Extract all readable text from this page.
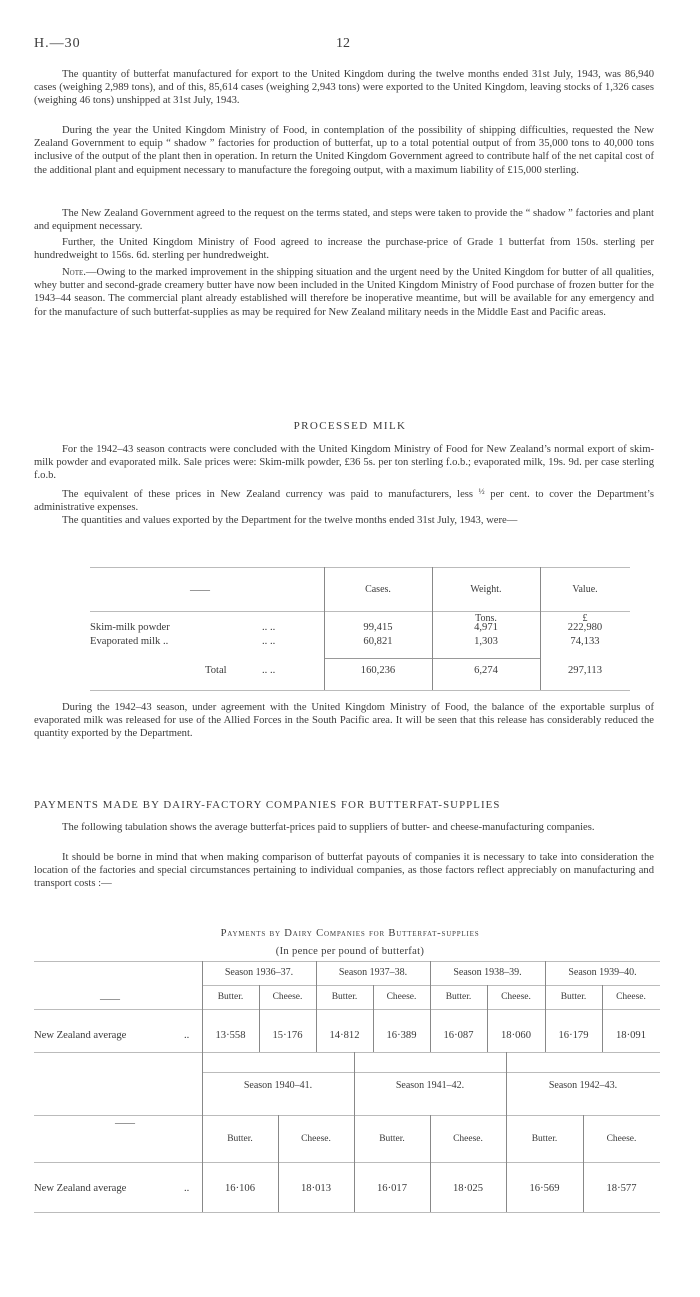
H.—30	12

The quantity of butterfat manufactured for export to the United Kingdom during the twelve months ended 31st July, 1943, was 86,940 cases (weighing 2,989 tons), and of this, 85,614 cases (weighing 2,943 tons) were exported to the United Kingdom, leaving stocks of 1,326 cases (weighing 46 tons) unshipped at 31st July, 1943.

During the year the United Kingdom Ministry of Food, in contemplation of the possibility of shipping difficulties, requested the New Zealand Government to equip “ shadow ” factories for production of butterfat, up to a total potential output of from 35,000 tons to 40,000 tons inclusive of the output of the plant then in operation. In return the United Kingdom Government agreed to contribute half of the net capital cost of the additional plant and equipment necessary to manufacture the foregoing output, with a maximum liability of £15,000 sterling.

The New Zealand Government agreed to the request on the terms stated, and steps were taken to provide the “ shadow ” factories and plant and equipment necessary.

Further, the United Kingdom Ministry of Food agreed to increase the purchase-price of Grade 1 butterfat from 150s. sterling per hundredweight to 156s. 6d. sterling per hundredweight.

Note.—Owing to the marked improvement in the shipping situation and the urgent need by the United Kingdom for butter of all qualities, whey butter and second-grade creamery butter have now been included in the United Kingdom Ministry of Food purchase of frozen butter for the 1943–44 season. The commercial plant already established will therefore be inoperative meantime, but will be available for any emergency and for the manufacture of such butterfat-supplies as may be required for New Zealand military needs in the Middle East and Pacific areas.

PROCESSED MILK

For the 1942–43 season contracts were concluded with the United Kingdom Ministry of Food for New Zealand’s normal export of skim-milk powder and evaporated milk. Sale prices were: Skim-milk powder, £36 5s. per ton sterling f.o.b.; evaporated milk, 19s. 9d. per case sterling f.o.b.

The equivalent of these prices in New Zealand currency was paid to manufacturers, less $^{\frac{1}{2}}$ per cent. to cover the Department’s administrative expenses.

The quantities and values exported by the Department for the twelve months ended 31st July, 1943, were—

——	Cases.	Weight.	Value.
Tons.	£
Skim-milk powder	.. ..	99,415	4,971	222,980
Evaporated milk ..	.. ..	60,821	1,303	74,133
Total	.. ..	160,236	6,274	297,113

During the 1942–43 season, under agreement with the United Kingdom Ministry of Food, the balance of the exportable surplus of evaporated milk was released for use of the Allied Forces in the South Pacific area. It will be seen that this release has considerably reduced the quantity exported by the Department.

PAYMENTS MADE BY DAIRY-FACTORY COMPANIES FOR BUTTERFAT-SUPPLIES

The following tabulation shows the average butterfat-prices paid to suppliers of butter- and cheese-manufacturing companies.

It should be borne in mind that when making comparison of butterfat payouts of companies it is necessary to take into consideration the location of the factories and special circumstances pertaining to individual companies, as those factors reflect appreciably on manufacturing and transport costs :—

Payments by Dairy Companies for Butterfat-supplies
(In pence per pound of butterfat)
——
Season 1936–37.	Season 1937–38.	Season 1938–39.	Season 1939–40.
Butter.	Cheese.	Butter.	Cheese.	Butter.	Cheese.	Butter.	Cheese.
New Zealand average	..	13·558	15·176	14·812	16·389	16·087	18·060	16·179	18·091
——
Season 1940–41.	Season 1941–42.	Season 1942–43.
Butter.	Cheese.	Butter.	Cheese.	Butter.	Cheese.
New Zealand average	..	16·106	18·013	16·017	18·025	16·569	18·577
